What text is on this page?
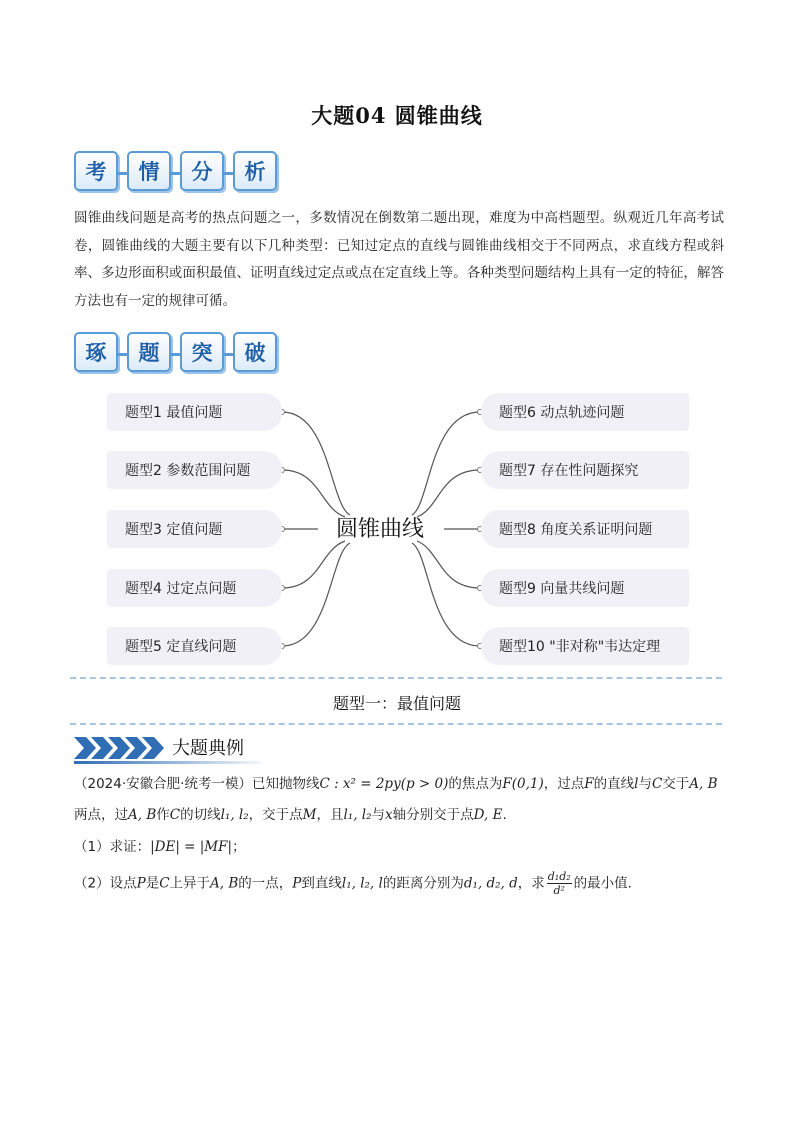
大题04 圆锥曲线
考	情	分	析
圆锥曲线问题是高考的热点问题之一，多数情况在倒数第二题出现，难度为中高档题型。纵观近几年高考试卷，圆锥曲线的大题主要有以下几种类型：已知过定点的直线与圆锥曲线相交于不同两点，求直线方程或斜率、多边形面积或面积最值、证明直线过定点或点在定直线上等。各种类型问题结构上具有一定的特征，解答方法也有一定的规律可循。
琢	题	突	破
题型1 最值问题
题型2 参数范围问题
题型3 定值问题
题型4 过定点问题
题型5 定直线问题
圆锥曲线
题型6 动点轨迹问题
题型7 存在性问题探究
题型8 角度关系证明问题
题型9 向量共线问题
题型10 "非对称"韦达定理
题型一：最值问题
大题典例
（2024·安徽合肥·统考一模）已知抛物线C : x² = 2py(p > 0)的焦点为F(0,1)，过点F的直线l与C交于A, B
两点，过A, B作C的切线l₁, l₂，交于点M，且l₁, l₂与x轴分别交于点D, E.
（1）求证：|DE| = |MF|；
（2）设点P是C上异于A, B的一点，P到直线l₁, l₂, l的距离分别为d₁, d₂, d，求 $\frac{\text{d₁d₂}}{\text{d²}}$ 的最小值.
